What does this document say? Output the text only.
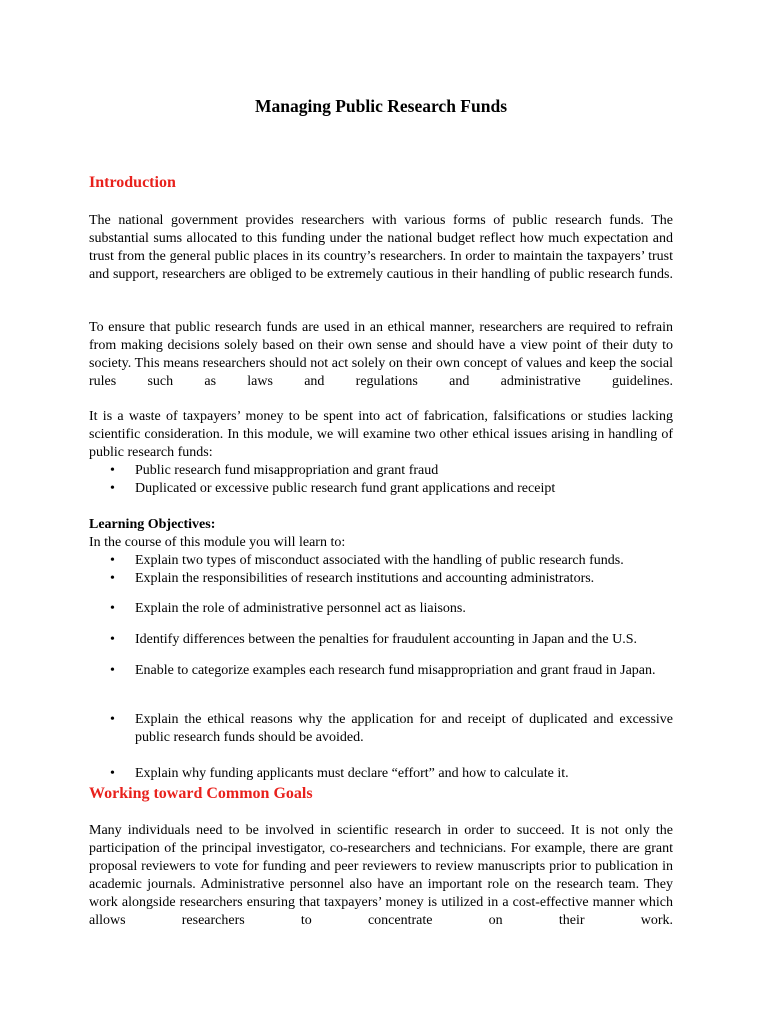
Managing Public Research Funds
Introduction
The national government provides researchers with various forms of public research funds. The substantial sums allocated to this funding under the national budget reflect how much expectation and trust from the general public places in its country’s researchers. In order to maintain the taxpayers’ trust and support, researchers are obliged to be extremely cautious in their handling of public research funds.
To ensure that public research funds are used in an ethical manner, researchers are required to refrain from making decisions solely based on their own sense and should have a view point of their duty to society. This means researchers should not act solely on their own concept of values and keep the social rules such as laws and regulations and administrative guidelines.
It is a waste of taxpayers’ money to be spent into act of fabrication, falsifications or studies lacking scientific consideration. In this module, we will examine two other ethical issues arising in handling of public research funds:
• Public research fund misappropriation and grant fraud
• Duplicated or excessive public research fund grant applications and receipt
Learning Objectives:
In the course of this module you will learn to:
• Explain two types of misconduct associated with the handling of public research funds.
• Explain the responsibilities of research institutions and accounting administrators.
• Explain the role of administrative personnel act as liaisons.
• Identify differences between the penalties for fraudulent accounting in Japan and the U.S.
• Enable to categorize examples each research fund misappropriation and grant fraud in Japan.
• Explain the ethical reasons why the application for and receipt of duplicated and excessive public research funds should be avoided.
• Explain why funding applicants must declare “effort” and how to calculate it.
Working toward Common Goals
Many individuals need to be involved in scientific research in order to succeed. It is not only the participation of the principal investigator, co-researchers and technicians. For example, there are grant proposal reviewers to vote for funding and peer reviewers to review manuscripts prior to publication in academic journals. Administrative personnel also have an important role on the research team. They work alongside researchers ensuring that taxpayers’ money is utilized in a cost-effective manner which allows researchers to concentrate on their work.
